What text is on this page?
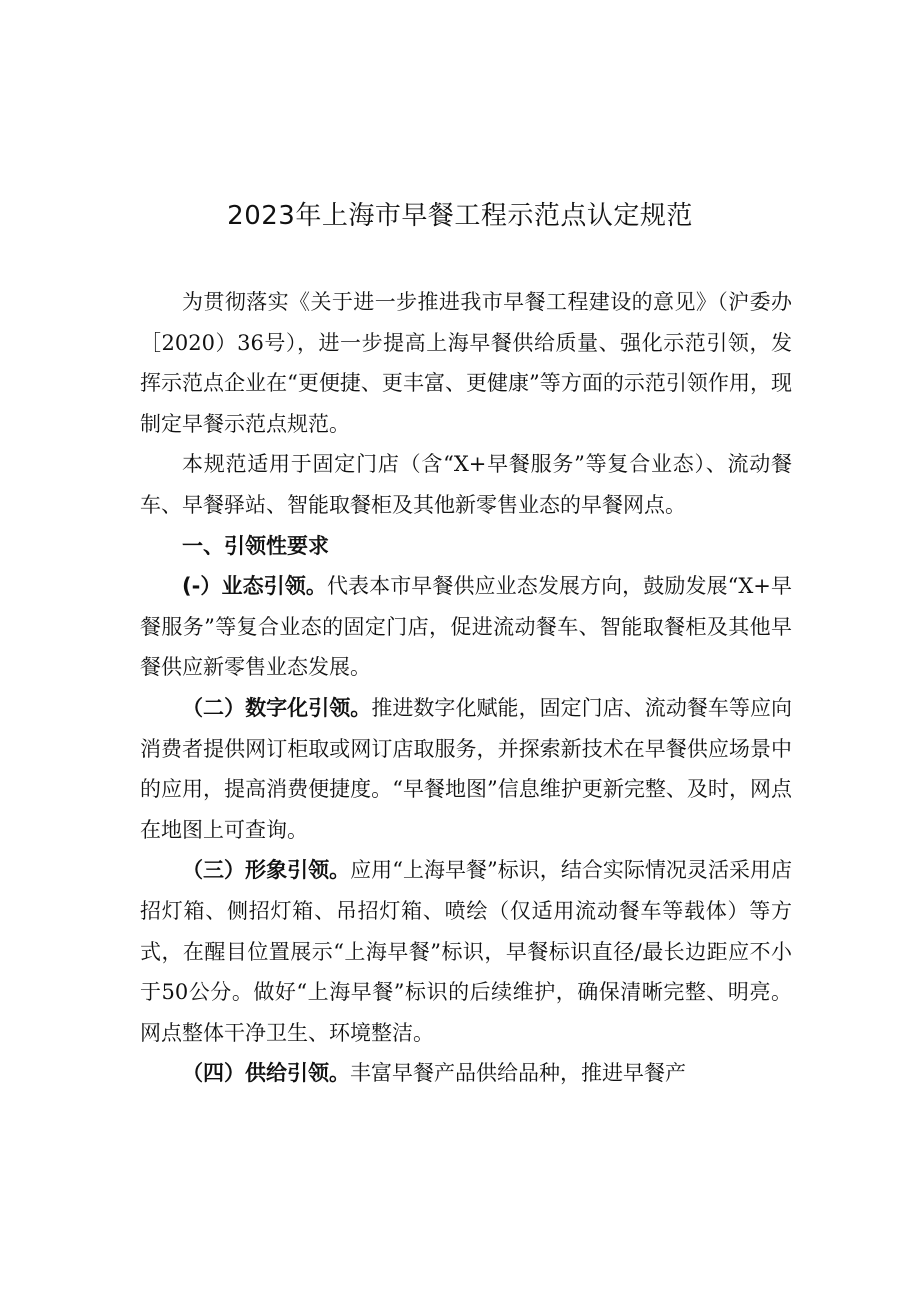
2023年上海市早餐工程示范点认定规范

为贯彻落实《关于进一步推进我市早餐工程建设的意见》（沪委办［2020）36号），进一步提高上海早餐供给质量、强化示范引领，发挥示范点企业在“更便捷、更丰富、更健康”等方面的示范引领作用，现制定早餐示范点规范。

本规范适用于固定门店（含“X+早餐服务”等复合业态）、流动餐车、早餐驿站、智能取餐柜及其他新零售业态的早餐网点。

一、引领性要求

(-）业态引领。代表本市早餐供应业态发展方向，鼓励发展“X+早餐服务”等复合业态的固定门店，促进流动餐车、智能取餐柜及其他早餐供应新零售业态发展。

（二）数字化引领。推进数字化赋能，固定门店、流动餐车等应向消费者提供网订柜取或网订店取服务，并探索新技术在早餐供应场景中的应用，提高消费便捷度。“早餐地图”信息维护更新完整、及时，网点在地图上可查询。

（三）形象引领。应用“上海早餐”标识，结合实际情况灵活采用店招灯箱、侧招灯箱、吊招灯箱、喷绘（仅适用流动餐车等载体）等方式，在醒目位置展示“上海早餐”标识，早餐标识直径/最长边距应不小于50公分。做好“上海早餐”标识的后续维护，确保清晰完整、明亮。网点整体干净卫生、环境整洁。

（四）供给引领。丰富早餐产品供给品种，推进早餐产
